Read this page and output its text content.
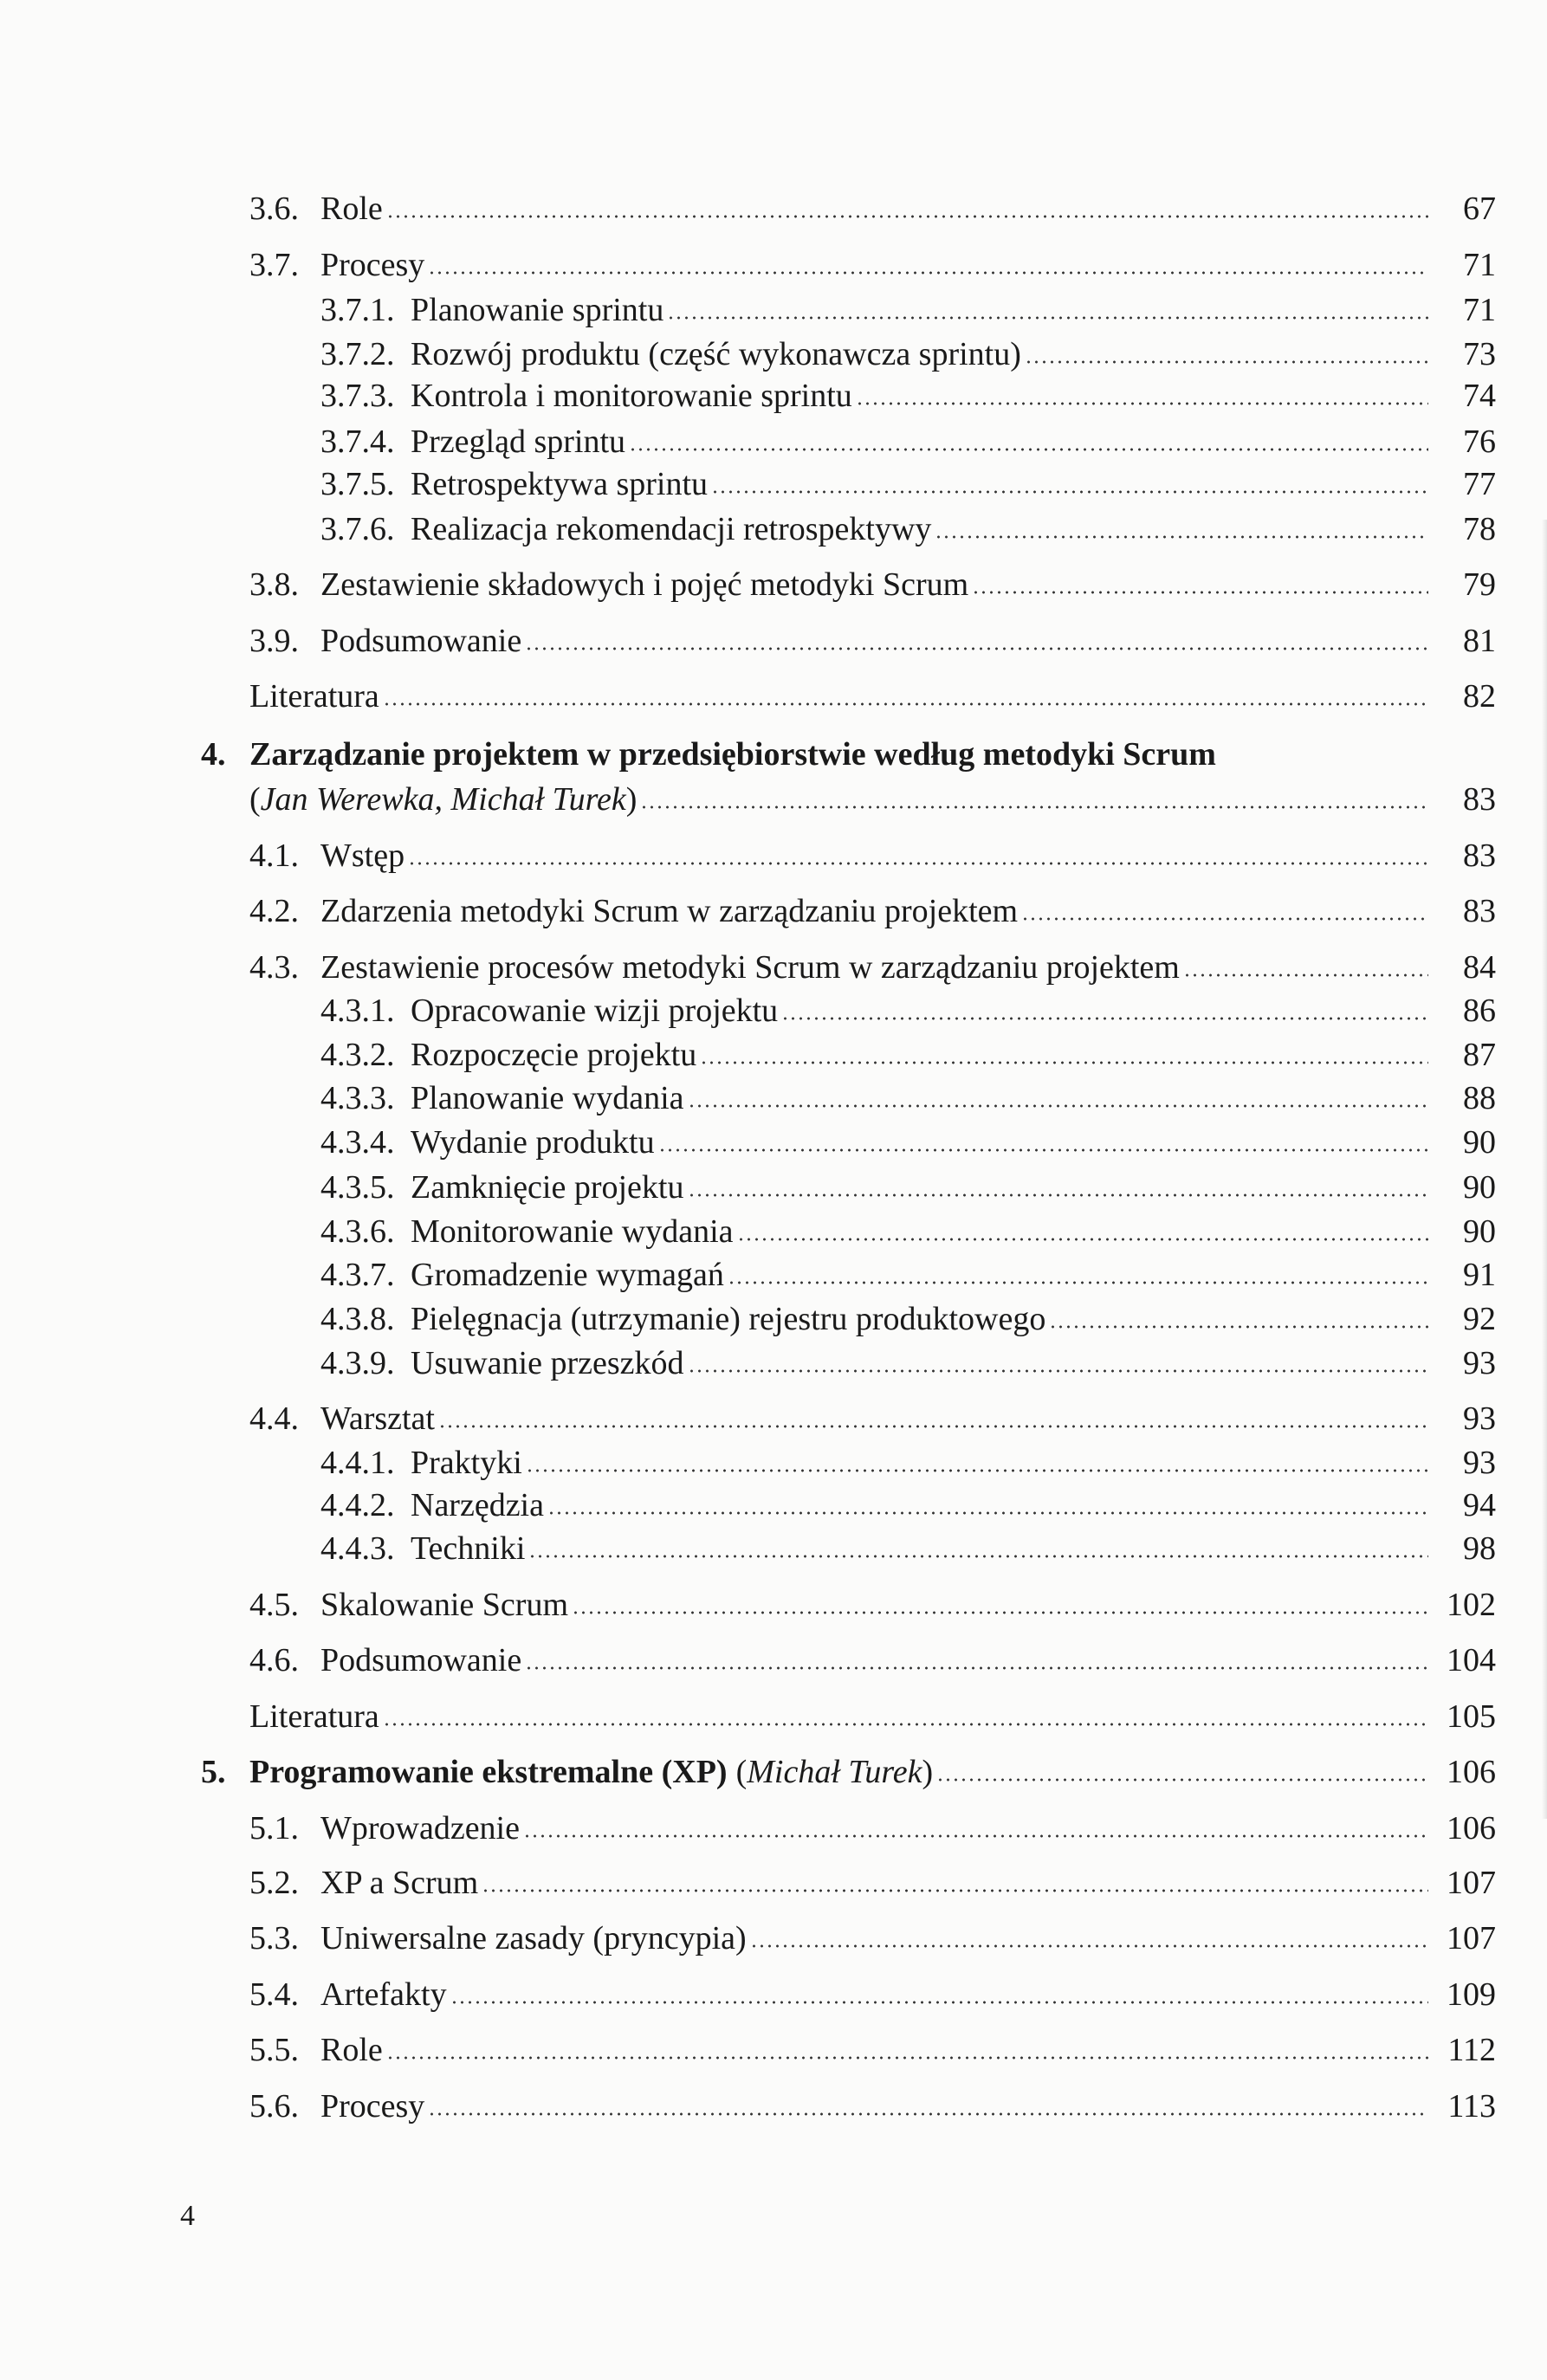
3.6. Role	67
3.7. Procesy	71
3.7.1. Planowanie sprintu	71
3.7.2. Rozwój produktu (część wykonawcza sprintu)	73
3.7.3. Kontrola i monitorowanie sprintu	74
3.7.4. Przegląd sprintu	76
3.7.5. Retrospektywa sprintu	77
3.7.6. Realizacja rekomendacji retrospektywy	78
3.8. Zestawienie składowych i pojęć metodyki Scrum	79
3.9. Podsumowanie	81
Literatura	82
4. Zarządzanie projektem w przedsiębiorstwie według metodyki Scrum
( Jan Werewka, Michał Turek )	83
4.1. Wstęp	83
4.2. Zdarzenia metodyki Scrum w zarządzaniu projektem	83
4.3. Zestawienie procesów metodyki Scrum w zarządzaniu projektem	84
4.3.1. Opracowanie wizji projektu	86
4.3.2. Rozpoczęcie projektu	87
4.3.3. Planowanie wydania	88
4.3.4. Wydanie produktu	90
4.3.5. Zamknięcie projektu	90
4.3.6. Monitorowanie wydania	90
4.3.7. Gromadzenie wymagań	91
4.3.8. Pielęgnacja (utrzymanie) rejestru produktowego	92
4.3.9. Usuwanie przeszkód	93
4.4. Warsztat	93
4.4.1. Praktyki	93
4.4.2. Narzędzia	94
4.4.3. Techniki	98
4.5. Skalowanie Scrum	102
4.6. Podsumowanie	104
Literatura	105
5. Programowanie ekstremalne (XP) ( Michał Turek )	106
5.1. Wprowadzenie	106
5.2. XP a Scrum	107
5.3. Uniwersalne zasady (pryncypia)	107
5.4. Artefakty	109
5.5. Role	112
5.6. Procesy	113
4
